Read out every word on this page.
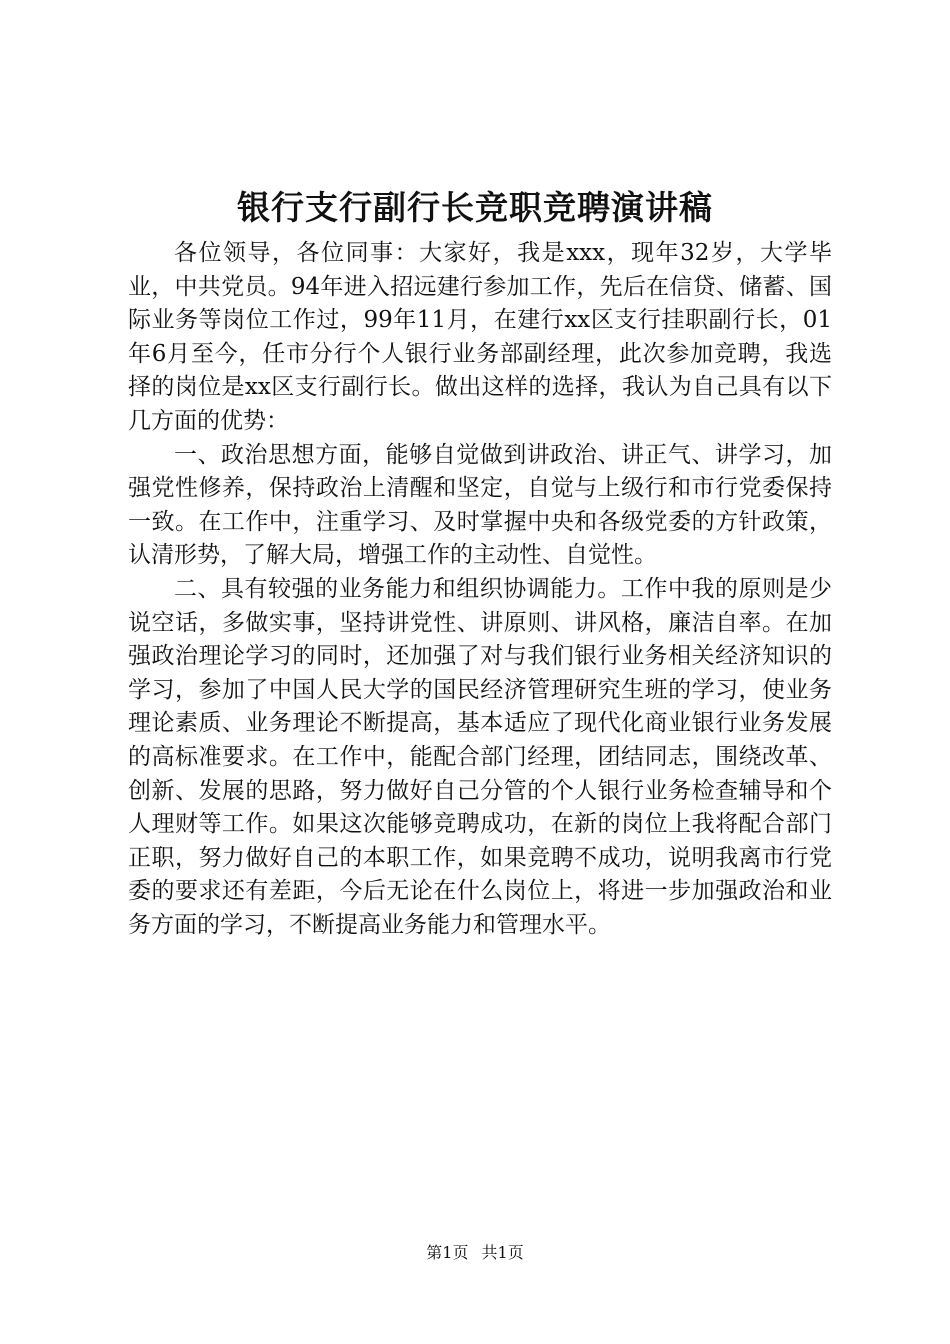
银行支行副行长竞职竞聘演讲稿

各位领导，各位同事：大家好，我是xxx，现年32岁，大学毕业，中共党员。94年进入招远建行参加工作，先后在信贷、储蓄、国际业务等岗位工作过，99年11月，在建行xx区支行挂职副行长，01年6月至今，任市分行个人银行业务部副经理，此次参加竞聘，我选择的岗位是xx区支行副行长。做出这样的选择，我认为自己具有以下几方面的优势：

一、政治思想方面，能够自觉做到讲政治、讲正气、讲学习，加强党性修养，保持政治上清醒和坚定，自觉与上级行和市行党委保持一致。在工作中，注重学习、及时掌握中央和各级党委的方针政策，认清形势，了解大局，增强工作的主动性、自觉性。

二、具有较强的业务能力和组织协调能力。工作中我的原则是少说空话，多做实事，坚持讲党性、讲原则、讲风格，廉洁自率。在加强政治理论学习的同时，还加强了对与我们银行业务相关经济知识的学习，参加了中国人民大学的国民经济管理研究生班的学习，使业务理论素质、业务理论不断提高，基本适应了现代化商业银行业务发展的高标准要求。在工作中，能配合部门经理，团结同志，围绕改革、创新、发展的思路，努力做好自己分管的个人银行业务检查辅导和个人理财等工作。如果这次能够竞聘成功，在新的岗位上我将配合部门正职，努力做好自己的本职工作，如果竞聘不成功，说明我离市行党委的要求还有差距，今后无论在什么岗位上，将进一步加强政治和业务方面的学习，不断提高业务能力和管理水平。

第1页 共1页
